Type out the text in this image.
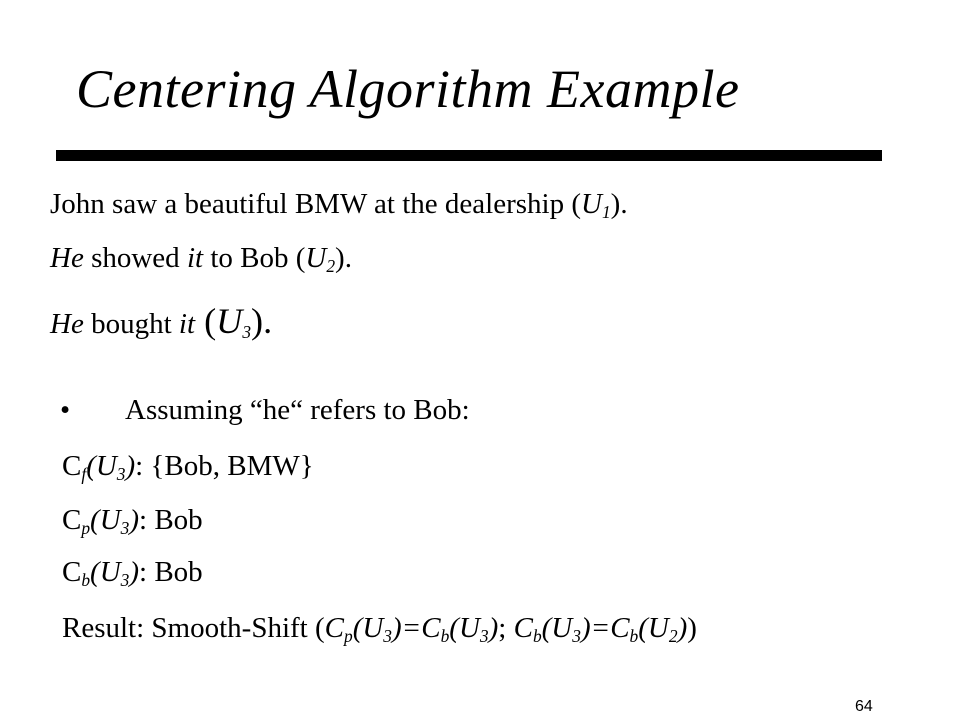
Centering Algorithm Example
John saw a beautiful BMW at the dealership $(U_1)$.
He showed it to Bob $(U_2)$.
He bought it $(U_3)$.
• Assuming “he“ refers to Bob:
$C_f(U_3)$: {Bob, BMW}
$C_p(U_3)$: Bob
$C_b(U_3)$: Bob
Result: Smooth-Shift ($C_p(U_3)=C_b(U_3)$; $C_b(U_3)=C_b(U_2)$)
64
